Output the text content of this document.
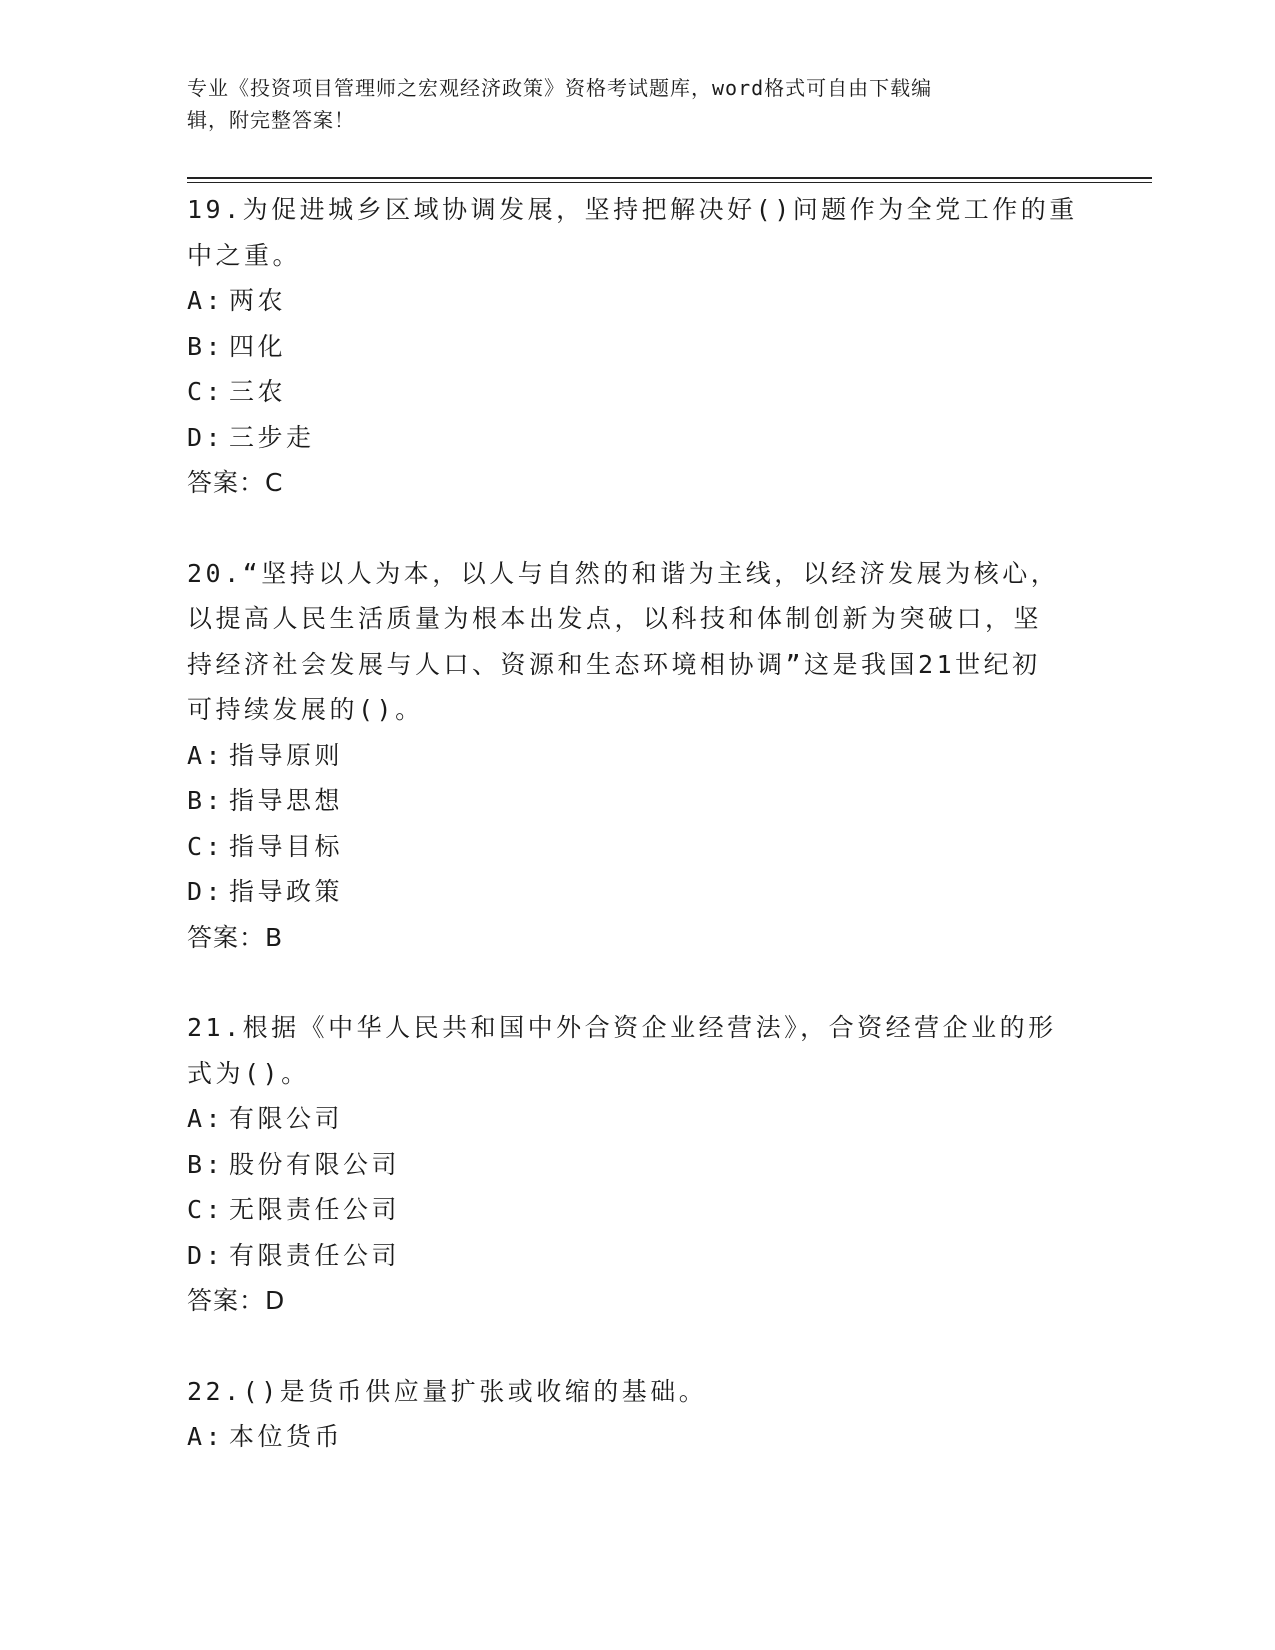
专业《投资项目管理师之宏观经济政策》资格考试题库，word格式可自由下载编
辑，附完整答案！
19.为促进城乡区域协调发展，坚持把解决好()问题作为全党工作的重
中之重。
A: 两农
B: 四化
C: 三农
D: 三步走
答案：C
20.“坚持以人为本，以人与自然的和谐为主线，以经济发展为核心，
以提高人民生活质量为根本出发点，以科技和体制创新为突破口，坚
持经济社会发展与人口、资源和生态环境相协调”这是我国21世纪初
可持续发展的()。
A: 指导原则
B: 指导思想
C: 指导目标
D: 指导政策
答案：B
21.根据《中华人民共和国中外合资企业经营法》，合资经营企业的形
式为()。
A: 有限公司
B: 股份有限公司
C: 无限责任公司
D: 有限责任公司
答案：D
22.()是货币供应量扩张或收缩的基础。
A: 本位货币
